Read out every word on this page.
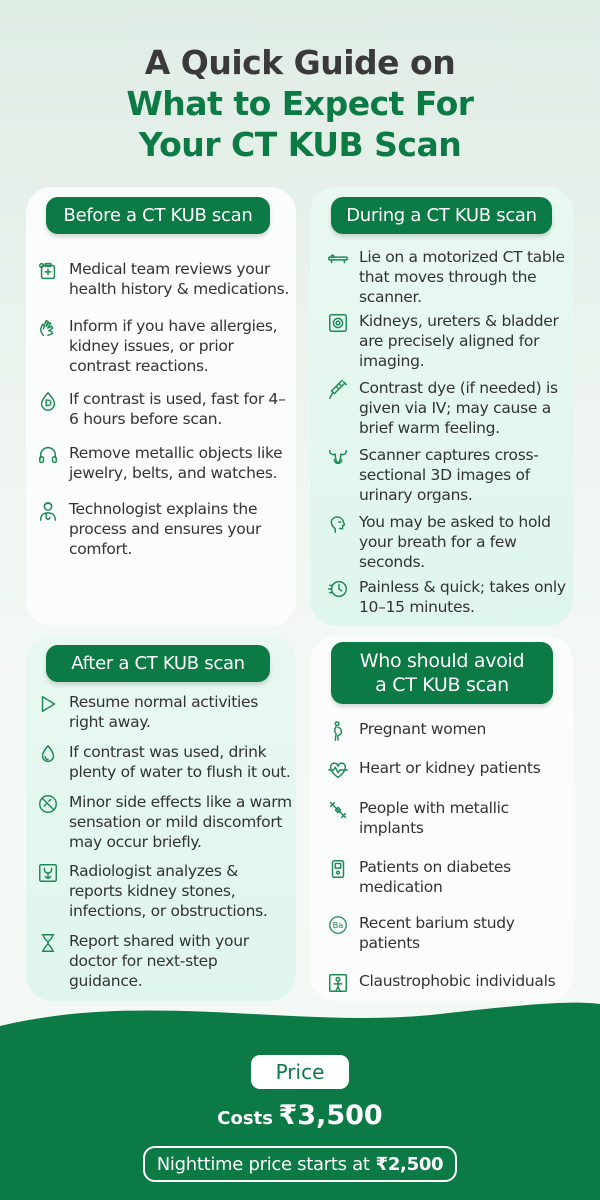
A Quick Guide on
What to Expect For
Your CT KUB Scan
Before a CT KUB scan
Medical team reviews your health history & medications.
Inform if you have allergies, kidney issues, or prior contrast reactions.
If contrast is used, fast for 4–6 hours before scan.
Remove metallic objects like jewelry, belts, and watches.
Technologist explains the process and ensures your comfort.
During a CT KUB scan
Lie on a motorized CT table that moves through the scanner.
Kidneys, ureters & bladder are precisely aligned for imaging.
Contrast dye (if needed) is given via IV; may cause a brief warm feeling.
Scanner captures cross-sectional 3D images of urinary organs.
You may be asked to hold your breath for a few seconds.
Painless & quick; takes only 10–15 minutes.
After a CT KUB scan
Resume normal activities right away.
If contrast was used, drink plenty of water to flush it out.
Minor side effects like a warm sensation or mild discomfort may occur briefly.
Radiologist analyzes & reports kidney stones, infections, or obstructions.
Report shared with your doctor for next-step guidance.
Who should avoid
a CT KUB scan
Pregnant women
Heart or kidney patients
People with metallic implants
Patients on diabetes medication
Ba Recent barium study patients
Claustrophobic individuals
Price
Costs ₹3,500
Nighttime price starts at ₹2,500
